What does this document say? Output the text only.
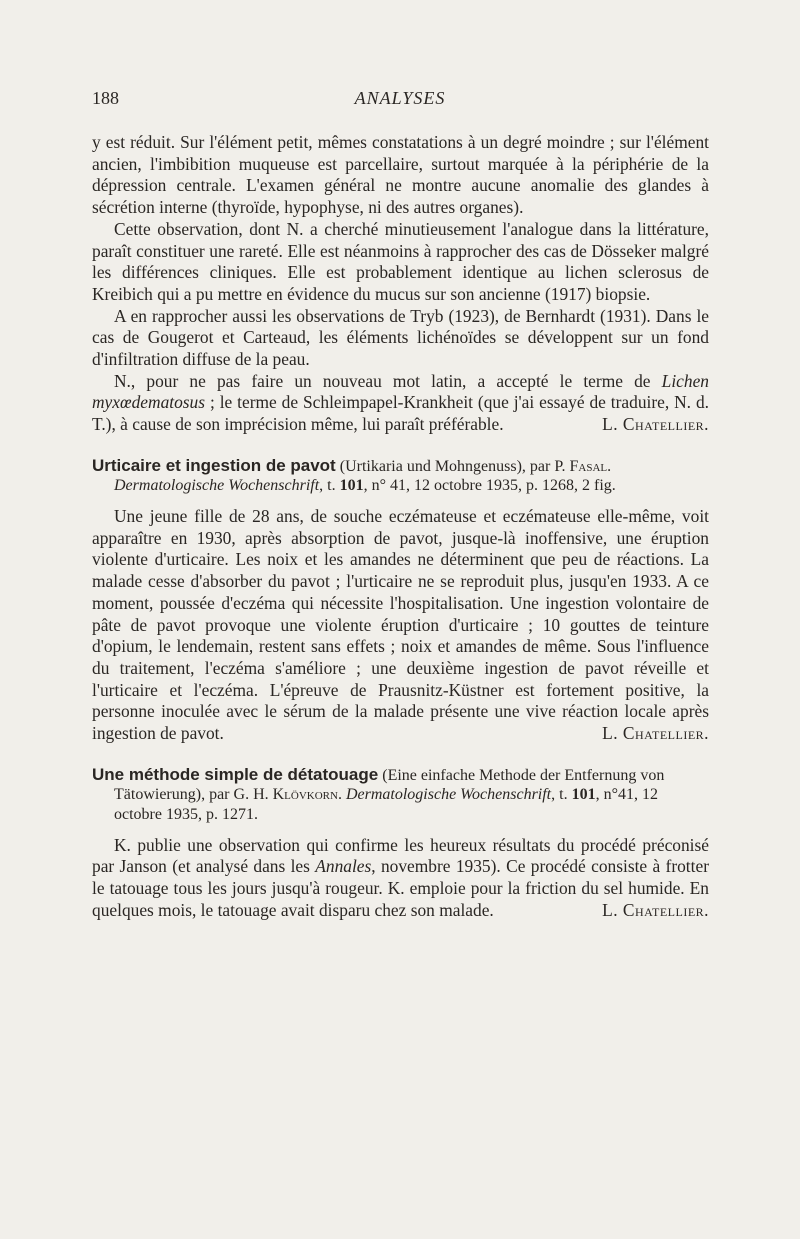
188	ANALYSES

y est réduit. Sur l'élément petit, mêmes constatations à un degré moindre ; sur l'élément ancien, l'imbibition muqueuse est parcellaire, surtout marquée à la périphérie de la dépression centrale. L'examen général ne montre aucune anomalie des glandes à sécrétion interne (thyroïde, hypophyse, ni des autres organes).

Cette observation, dont N. a cherché minutieusement l'analogue dans la littérature, paraît constituer une rareté. Elle est néanmoins à rapprocher des cas de Dösseker malgré les différences cliniques. Elle est probablement identique au lichen sclerosus de Kreibich qui a pu mettre en évidence du mucus sur son ancienne (1917) biopsie.

A en rapprocher aussi les observations de Tryb (1923), de Bernhardt (1931). Dans le cas de Gougerot et Carteaud, les éléments lichénoïdes se développent sur un fond d'infiltration diffuse de la peau.

N., pour ne pas faire un nouveau mot latin, a accepté le terme de Lichen myxœdematosus ; le terme de Schleimpapel-Krankheit (que j'ai essayé de traduire, N. d. T.), à cause de son imprécision même, lui paraît préférable.	L. Chatellier.

Urticaire et ingestion de pavot (Urtikaria und Mohngenuss), par P. Fasal. Dermatologische Wochenschrift, t. 101, n° 41, 12 octobre 1935, p. 1268, 2 fig.

Une jeune fille de 28 ans, de souche eczémateuse et eczémateuse elle-même, voit apparaître en 1930, après absorption de pavot, jusque-là inoffensive, une éruption violente d'urticaire. Les noix et les amandes ne déterminent que peu de réactions. La malade cesse d'absorber du pavot ; l'urticaire ne se reproduit plus, jusqu'en 1933. A ce moment, poussée d'eczéma qui nécessite l'hospitalisation. Une ingestion volontaire de pâte de pavot provoque une violente éruption d'urticaire ; 10 gouttes de teinture d'opium, le lendemain, restent sans effets ; noix et amandes de même. Sous l'influence du traitement, l'eczéma s'améliore ; une deuxième ingestion de pavot réveille et l'urticaire et l'eczéma. L'épreuve de Prausnitz-Küstner est fortement positive, la personne inoculée avec le sérum de la malade présente une vive réaction locale après ingestion de pavot.	L. Chatellier.

Une méthode simple de détatouage (Eine einfache Methode der Entfernung von Tätowierung), par G. H. Klövkorn. Dermatologische Wochenschrift, t. 101, n°41, 12 octobre 1935, p. 1271.

K. publie une observation qui confirme les heureux résultats du procédé préconisé par Janson (et analysé dans les Annales, novembre 1935). Ce procédé consiste à frotter le tatouage tous les jours jusqu'à rougeur. K. emploie pour la friction du sel humide. En quelques mois, le tatouage avait disparu chez son malade.	L. Chatellier.
